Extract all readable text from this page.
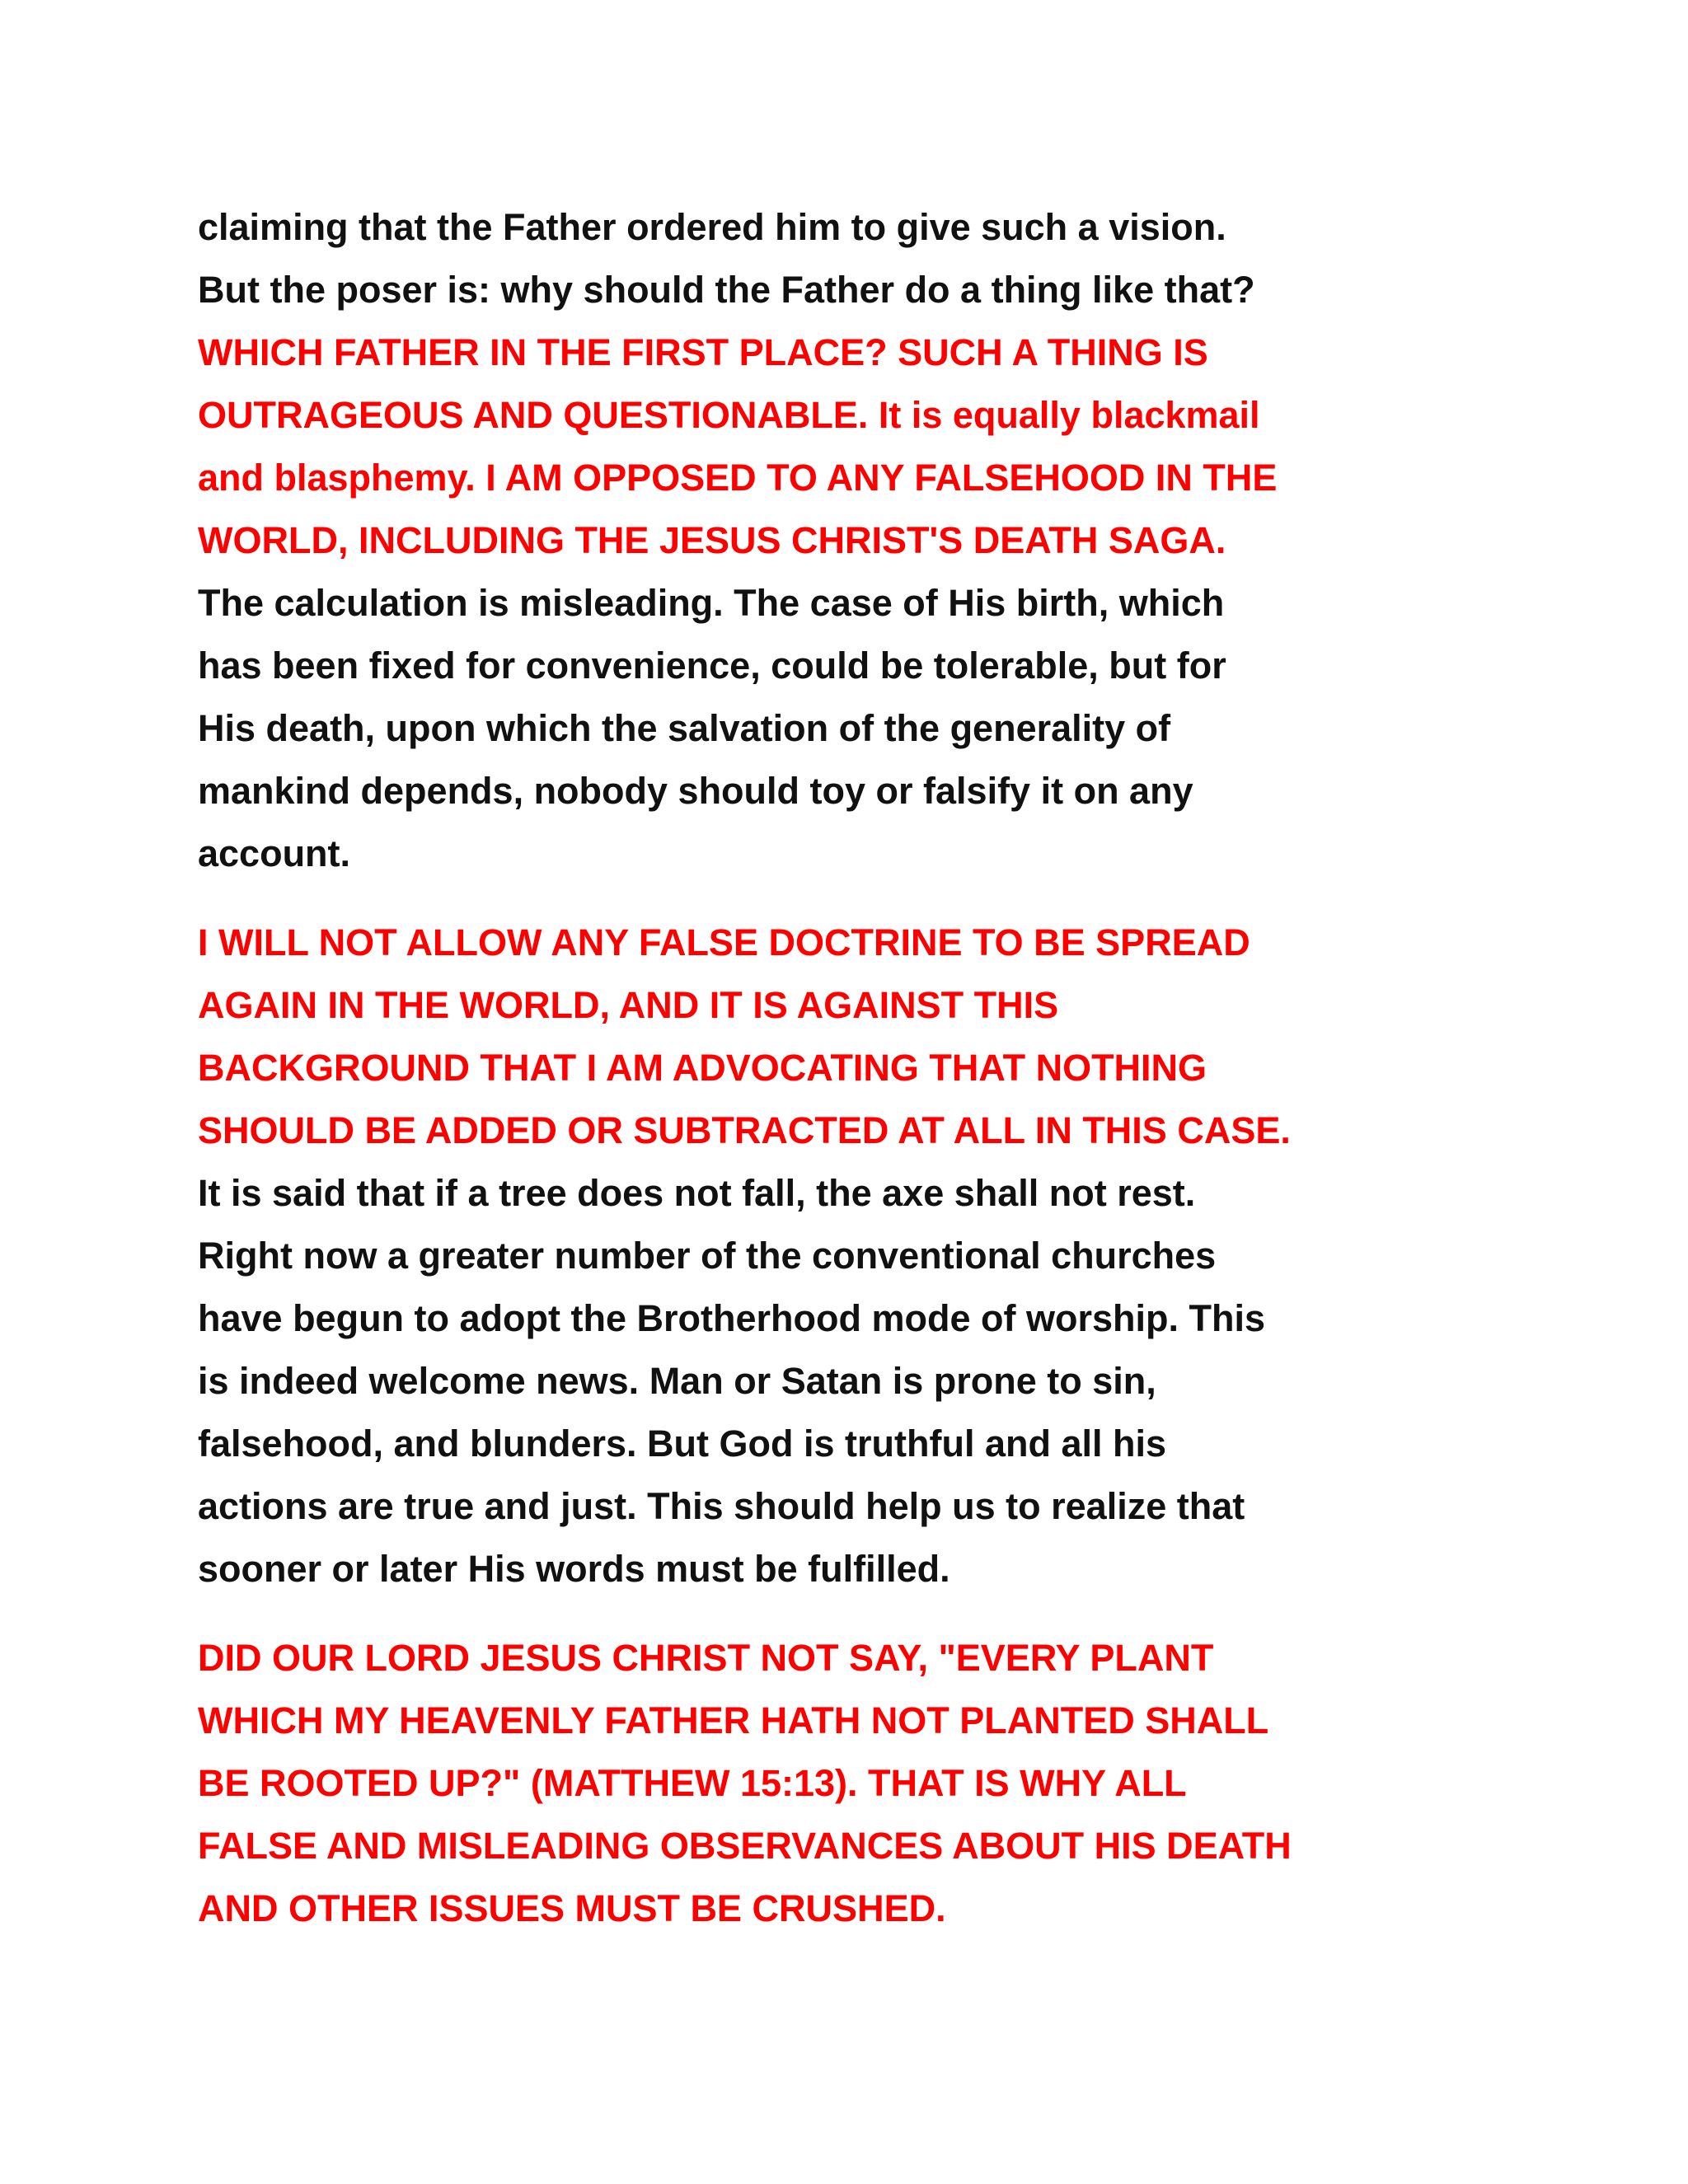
claiming that the Father ordered him to give such a vision.
But the poser is: why should the Father do a thing like that?
WHICH FATHER IN THE FIRST PLACE? SUCH A THING IS
OUTRAGEOUS AND QUESTIONABLE. It is equally blackmail
and blasphemy. I AM OPPOSED TO ANY FALSEHOOD IN THE
WORLD, INCLUDING THE JESUS CHRIST'S DEATH SAGA.
The calculation is misleading. The case of His birth, which
has been fixed for convenience, could be tolerable, but for
His death, upon which the salvation of the generality of
mankind depends, nobody should toy or falsify it on any
account.

I WILL NOT ALLOW ANY FALSE DOCTRINE TO BE SPREAD
AGAIN IN THE WORLD, AND IT IS AGAINST THIS
BACKGROUND THAT I AM ADVOCATING THAT NOTHING
SHOULD BE ADDED OR SUBTRACTED AT ALL IN THIS CASE.
It is said that if a tree does not fall, the axe shall not rest.
Right now a greater number of the conventional churches
have begun to adopt the Brotherhood mode of worship. This
is indeed welcome news. Man or Satan is prone to sin,
falsehood, and blunders. But God is truthful and all his
actions are true and just. This should help us to realize that
sooner or later His words must be fulfilled.

DID OUR LORD JESUS CHRIST NOT SAY, "EVERY PLANT
WHICH MY HEAVENLY FATHER HATH NOT PLANTED SHALL
BE ROOTED UP?" (MATTHEW 15:13). THAT IS WHY ALL
FALSE AND MISLEADING OBSERVANCES ABOUT HIS DEATH
AND OTHER ISSUES MUST BE CRUSHED.
